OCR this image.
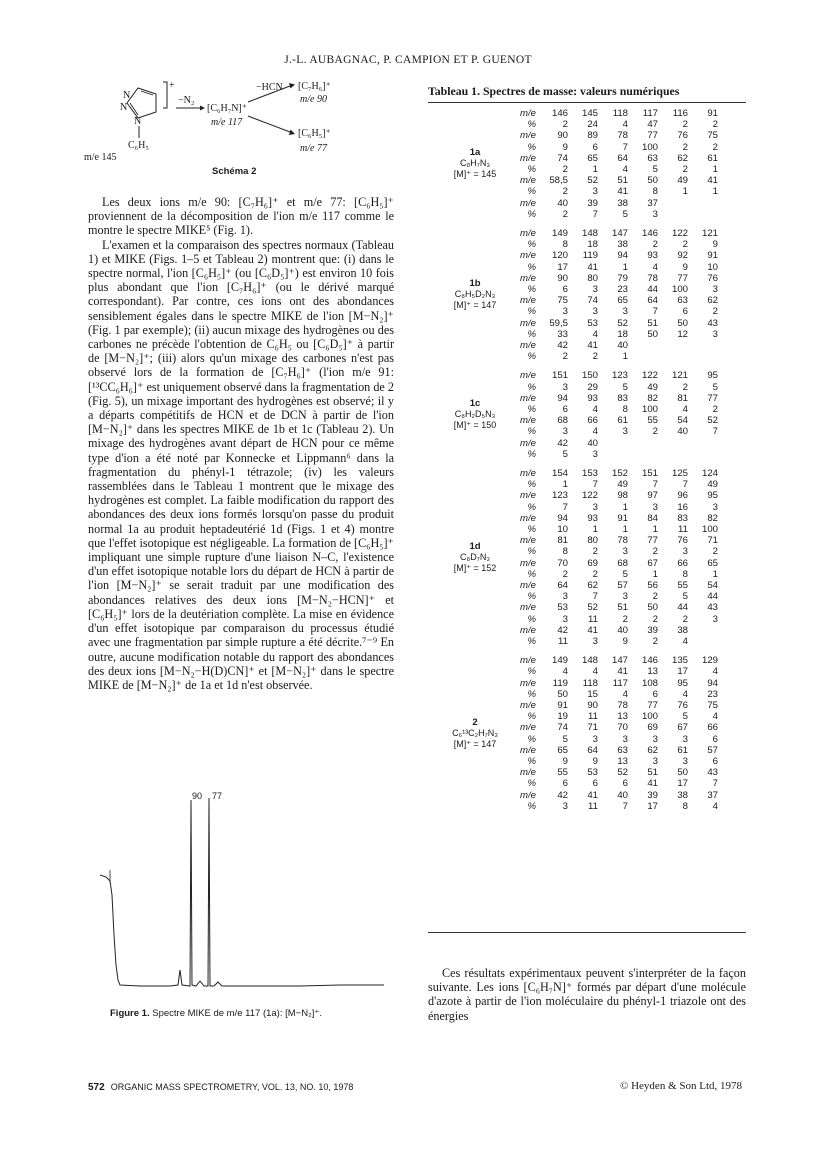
J.-L. AUBAGNAC, P. CAMPION ET P. GUENOT
N
N
N
C₆H₅
m/e 145
+
−N₂
[C₆H₇N]⁺
m/e 117
−HCN [C₇H₆]⁺
m/e 90
[C₆H₅]⁺
m/e 77
Schéma 2

Les deux ions m/e 90: [C₇H₆]⁺ et m/e 77: [C₆H₅]⁺ proviennent de la décomposition de l'ion m/e 117 comme le montre le spectre MIKE⁵ (Fig. 1).

L'examen et la comparaison des spectres normaux (Tableau 1) et MIKE (Figs. 1–5 et Tableau 2) montrent que: (i) dans le spectre normal, l'ion [C₆H₅]⁺ (ou [C₆D₅]⁺) est environ 10 fois plus abondant que l'ion [C₇H₆]⁺ (ou le dérivé marqué correspondant). Par contre, ces ions ont des abondances sensiblement égales dans le spectre MIKE de l'ion [M−N₂]⁺ (Fig. 1 par exemple); (ii) aucun mixage des hydrogènes ou des carbones ne précède l'obtention de C₆H₅ ou [C₆D₅]⁺ à partir de [M−N₂]⁺; (iii) alors qu'un mixage des carbones n'est pas observé lors de la formation de [C₇H₆]⁺ (l'ion m/e 91: [¹³CC₆H₆]⁺ est uniquement observé dans la fragmentation de 2 (Fig. 5), un mixage important des hydrogènes est observé; il y a départs compétitifs de HCN et de DCN à partir de l'ion [M−N₂]⁺ dans les spectres MIKE de 1b et 1c (Tableau 2). Un mixage des hydrogènes avant départ de HCN pour ce même type d'ion a été noté par Konnecke et Lippmann⁶ dans la fragmentation du phényl-1 tétrazole; (iv) les valeurs rassemblées dans le Tableau 1 montrent que le mixage des hydrogènes est complet. La faible modification du rapport des abondances des deux ions formés lorsqu'on passe du produit normal 1a au produit heptadeutérié 1d (Figs. 1 et 4) montre que l'effet isotopique est négligeable. La formation de [C₆H₅]⁺ impliquant une simple rupture d'une liaison N–C, l'existence d'un effet isotopique notable lors du départ de HCN à partir de l'ion [M−N₂]⁺ se serait traduit par une modification des abondances relatives des deux ions [M−N₂−HCN]⁺ et [C₆H₅]⁺ lors de la deutériation complète. La mise en évidence d'un effet isotopique par comparaison du processus étudié avec une fragmentation par simple rupture a été décrite.⁷⁻⁹ En outre, aucune modification notable du rapport des abondances des deux ions [M−N₂−H(D)CN]⁺ et [M−N₂]⁺ dans le spectre MIKE de [M−N₂]⁺ de 1a et 1d n'est observée.

90 77
Figure 1. Spectre MIKE de m/e 117 (1a): [M−N₂]⁺.
Tableau 1. Spectres de masse: valeurs numériques
1a
C₈H₇N₃
[M]⁺ = 145
m/e	146	145	118	117	116	91
%	2	24	4	47	2	2
m/e	90	89	78	77	76	75
%	9	6	7	100	2	2
m/e	74	65	64	63	62	61
%	2	1	4	5	2	1
m/e	58,5	52	51	50	49	41
%	2	3	41	8	1	1
m/e	40	39	38	37
%	2	7	5	3
1b
C₈H₅D₂N₃
[M]⁺ = 147
m/e	149	148	147	146	122	121
%	8	18	38	2	2	9
m/e	120	119	94	93	92	91
%	17	41	1	4	9	10
m/e	90	80	79	78	77	76
%	6	3	23	44	100	3
m/e	75	74	65	64	63	62
%	3	3	3	7	6	2
m/e	59,5	53	52	51	50	43
%	33	4	18	50	12	3
m/e	42	41	40
%	2	2	1
1c
C₈H₂D₅N₃
[M]⁺ = 150
m/e	151	150	123	122	121	95
%	3	29	5	49	2	5
m/e	94	93	83	82	81	77
%	6	4	8	100	4	2
m/e	68	66	61	55	54	52
%	3	4	3	2	40	7
m/e	42	40
%	5	3
1d
C₈D₇N₃
[M]⁺ = 152
m/e	154	153	152	151	125	124
%	1	7	49	7	7	49
m/e	123	122	98	97	96	95
%	7	3	1	3	16	3
m/e	94	93	91	84	83	82
%	10	1	1	1	11	100
m/e	81	80	78	77	76	71
%	8	2	3	2	3	2
m/e	70	69	68	67	66	65
%	2	2	5	1	8	1
m/e	64	62	57	56	55	54
%	3	7	3	2	5	44
m/e	53	52	51	50	44	43
%	3	11	2	2	2	3
m/e	42	41	40	39	38
%	11	3	9	2	4
2
C₆¹³C₂H₇N₃
[M]⁺ = 147
m/e	149	148	147	146	135	129
%	4	4	41	13	17	4
m/e	119	118	117	108	95	94
%	50	15	4	6	4	23
m/e	91	90	78	77	76	75
%	19	11	13	100	5	4
m/e	74	71	70	69	67	66
%	5	3	3	3	3	6
m/e	65	64	63	62	61	57
%	9	9	13	3	3	6
m/e	55	53	52	51	50	43
%	6	6	6	41	17	7
m/e	42	41	40	39	38	37
%	3	11	7	17	8	4

Ces résultats expérimentaux peuvent s'interpréter de la façon suivante. Les ions [C₆H₇N]⁺ formés par départ d'une molécule d'azote à partir de l'ion moléculaire du phényl-1 triazole ont des énergies

572 ORGANIC MASS SPECTROMETRY, VOL. 13, NO. 10, 1978	© Heyden & Son Ltd, 1978
